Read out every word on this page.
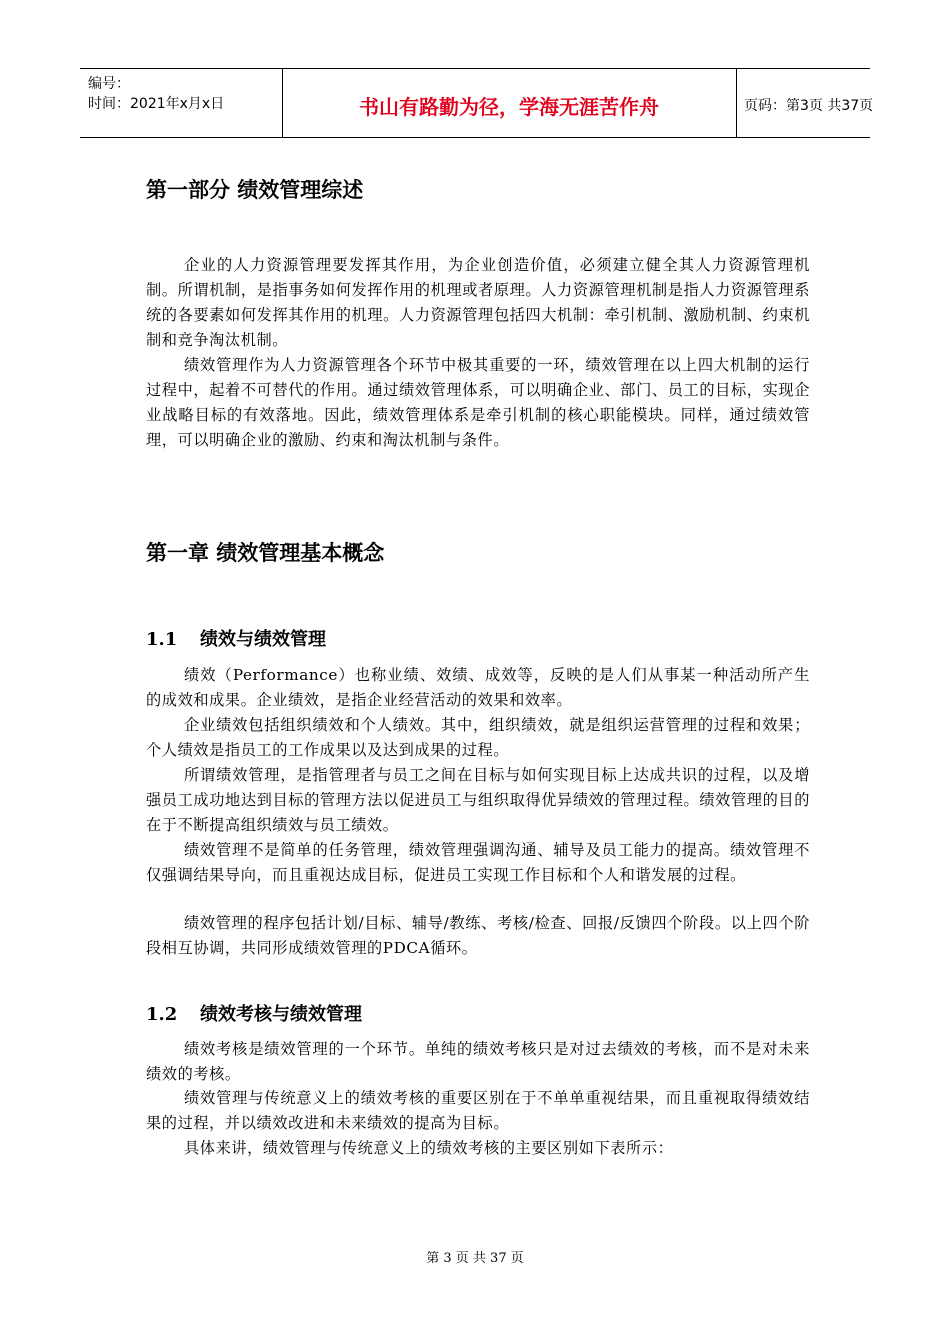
编号：
时间：2021年x月x日	书山有路勤为径，学海无涯苦作舟	页码：第3页 共37页
第一部分 绩效管理综述
企业的人力资源管理要发挥其作用，为企业创造价值，必须建立健全其人力资源管理机制。所谓机制，是指事务如何发挥作用的机理或者原理。人力资源管理机制是指人力资源管理系统的各要素如何发挥其作用的机理。人力资源管理包括四大机制：牵引机制、激励机制、约束机制和竞争淘汰机制。
绩效管理作为人力资源管理各个环节中极其重要的一环，绩效管理在以上四大机制的运行过程中，起着不可替代的作用。通过绩效管理体系，可以明确企业、部门、员工的目标，实现企业战略目标的有效落地。因此，绩效管理体系是牵引机制的核心职能模块。同样，通过绩效管理，可以明确企业的激励、约束和淘汰机制与条件。
第一章 绩效管理基本概念
1.1 绩效与绩效管理
绩效（Performance）也称业绩、效绩、成效等，反映的是人们从事某一种活动所产生的成效和成果。企业绩效，是指企业经营活动的效果和效率。
企业绩效包括组织绩效和个人绩效。其中，组织绩效，就是组织运营管理的过程和效果；个人绩效是指员工的工作成果以及达到成果的过程。
所谓绩效管理，是指管理者与员工之间在目标与如何实现目标上达成共识的过程，以及增强员工成功地达到目标的管理方法以促进员工与组织取得优异绩效的管理过程。绩效管理的目的在于不断提高组织绩效与员工绩效。
绩效管理不是简单的任务管理，绩效管理强调沟通、辅导及员工能力的提高。绩效管理不仅强调结果导向，而且重视达成目标，促进员工实现工作目标和个人和谐发展的过程。
绩效管理的程序包括计划/目标、辅导/教练、考核/检查、回报/反馈四个阶段。以上四个阶段相互协调，共同形成绩效管理的PDCA循环。
1.2 绩效考核与绩效管理
绩效考核是绩效管理的一个环节。单纯的绩效考核只是对过去绩效的考核，而不是对未来绩效的考核。
绩效管理与传统意义上的绩效考核的重要区别在于不单单重视结果，而且重视取得绩效结果的过程，并以绩效改进和未来绩效的提高为目标。
具体来讲，绩效管理与传统意义上的绩效考核的主要区别如下表所示：
第 3 页 共 37 页
